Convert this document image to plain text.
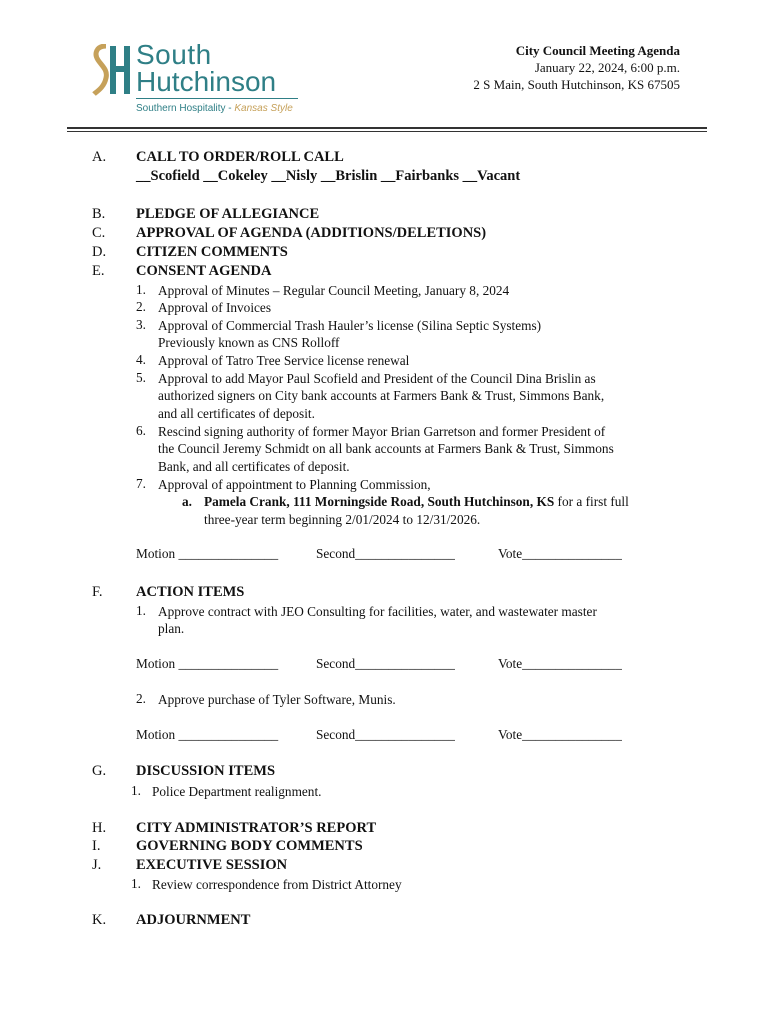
South
Hutchinson
Southern Hospitality - Kansas Style
City Council Meeting Agenda
January 22, 2024, 6:00 p.m.
2 S Main, South Hutchinson, KS 67505
A. CALL TO ORDER/ROLL CALL
__Scofield __Cokeley __Nisly __Brislin __Fairbanks __Vacant
B. PLEDGE OF ALLEGIANCE
C. APPROVAL OF AGENDA (ADDITIONS/DELETIONS)
D. CITIZEN COMMENTS
E. CONSENT AGENDA
1. Approval of Minutes – Regular Council Meeting, January 8, 2024
2. Approval of Invoices
3. Approval of Commercial Trash Hauler’s license (Silina Septic Systems)
Previously known as CNS Rolloff
4. Approval of Tatro Tree Service license renewal
5. Approval to add Mayor Paul Scofield and President of the Council Dina Brislin as
authorized signers on City bank accounts at Farmers Bank & Trust, Simmons Bank,
and all certificates of deposit.
6. Rescind signing authority of former Mayor Brian Garretson and former President of
the Council Jeremy Schmidt on all bank accounts at Farmers Bank & Trust, Simmons
Bank, and all certificates of deposit.
7. Approval of appointment to Planning Commission,
a. Pamela Crank, 111 Morningside Road, South Hutchinson, KS for a first full
three-year term beginning 2/01/2024 to 12/31/2026.
Motion _______________	Second_______________	Vote_______________
F. ACTION ITEMS
1. Approve contract with JEO Consulting for facilities, water, and wastewater master
plan.
Motion _______________	Second_______________	Vote_______________
2. Approve purchase of Tyler Software, Munis.
Motion _______________	Second_______________	Vote_______________
G. DISCUSSION ITEMS
1. Police Department realignment.
H. CITY ADMINISTRATOR’S REPORT
I. GOVERNING BODY COMMENTS
J. EXECUTIVE SESSION
1. Review correspondence from District Attorney
K. ADJOURNMENT
